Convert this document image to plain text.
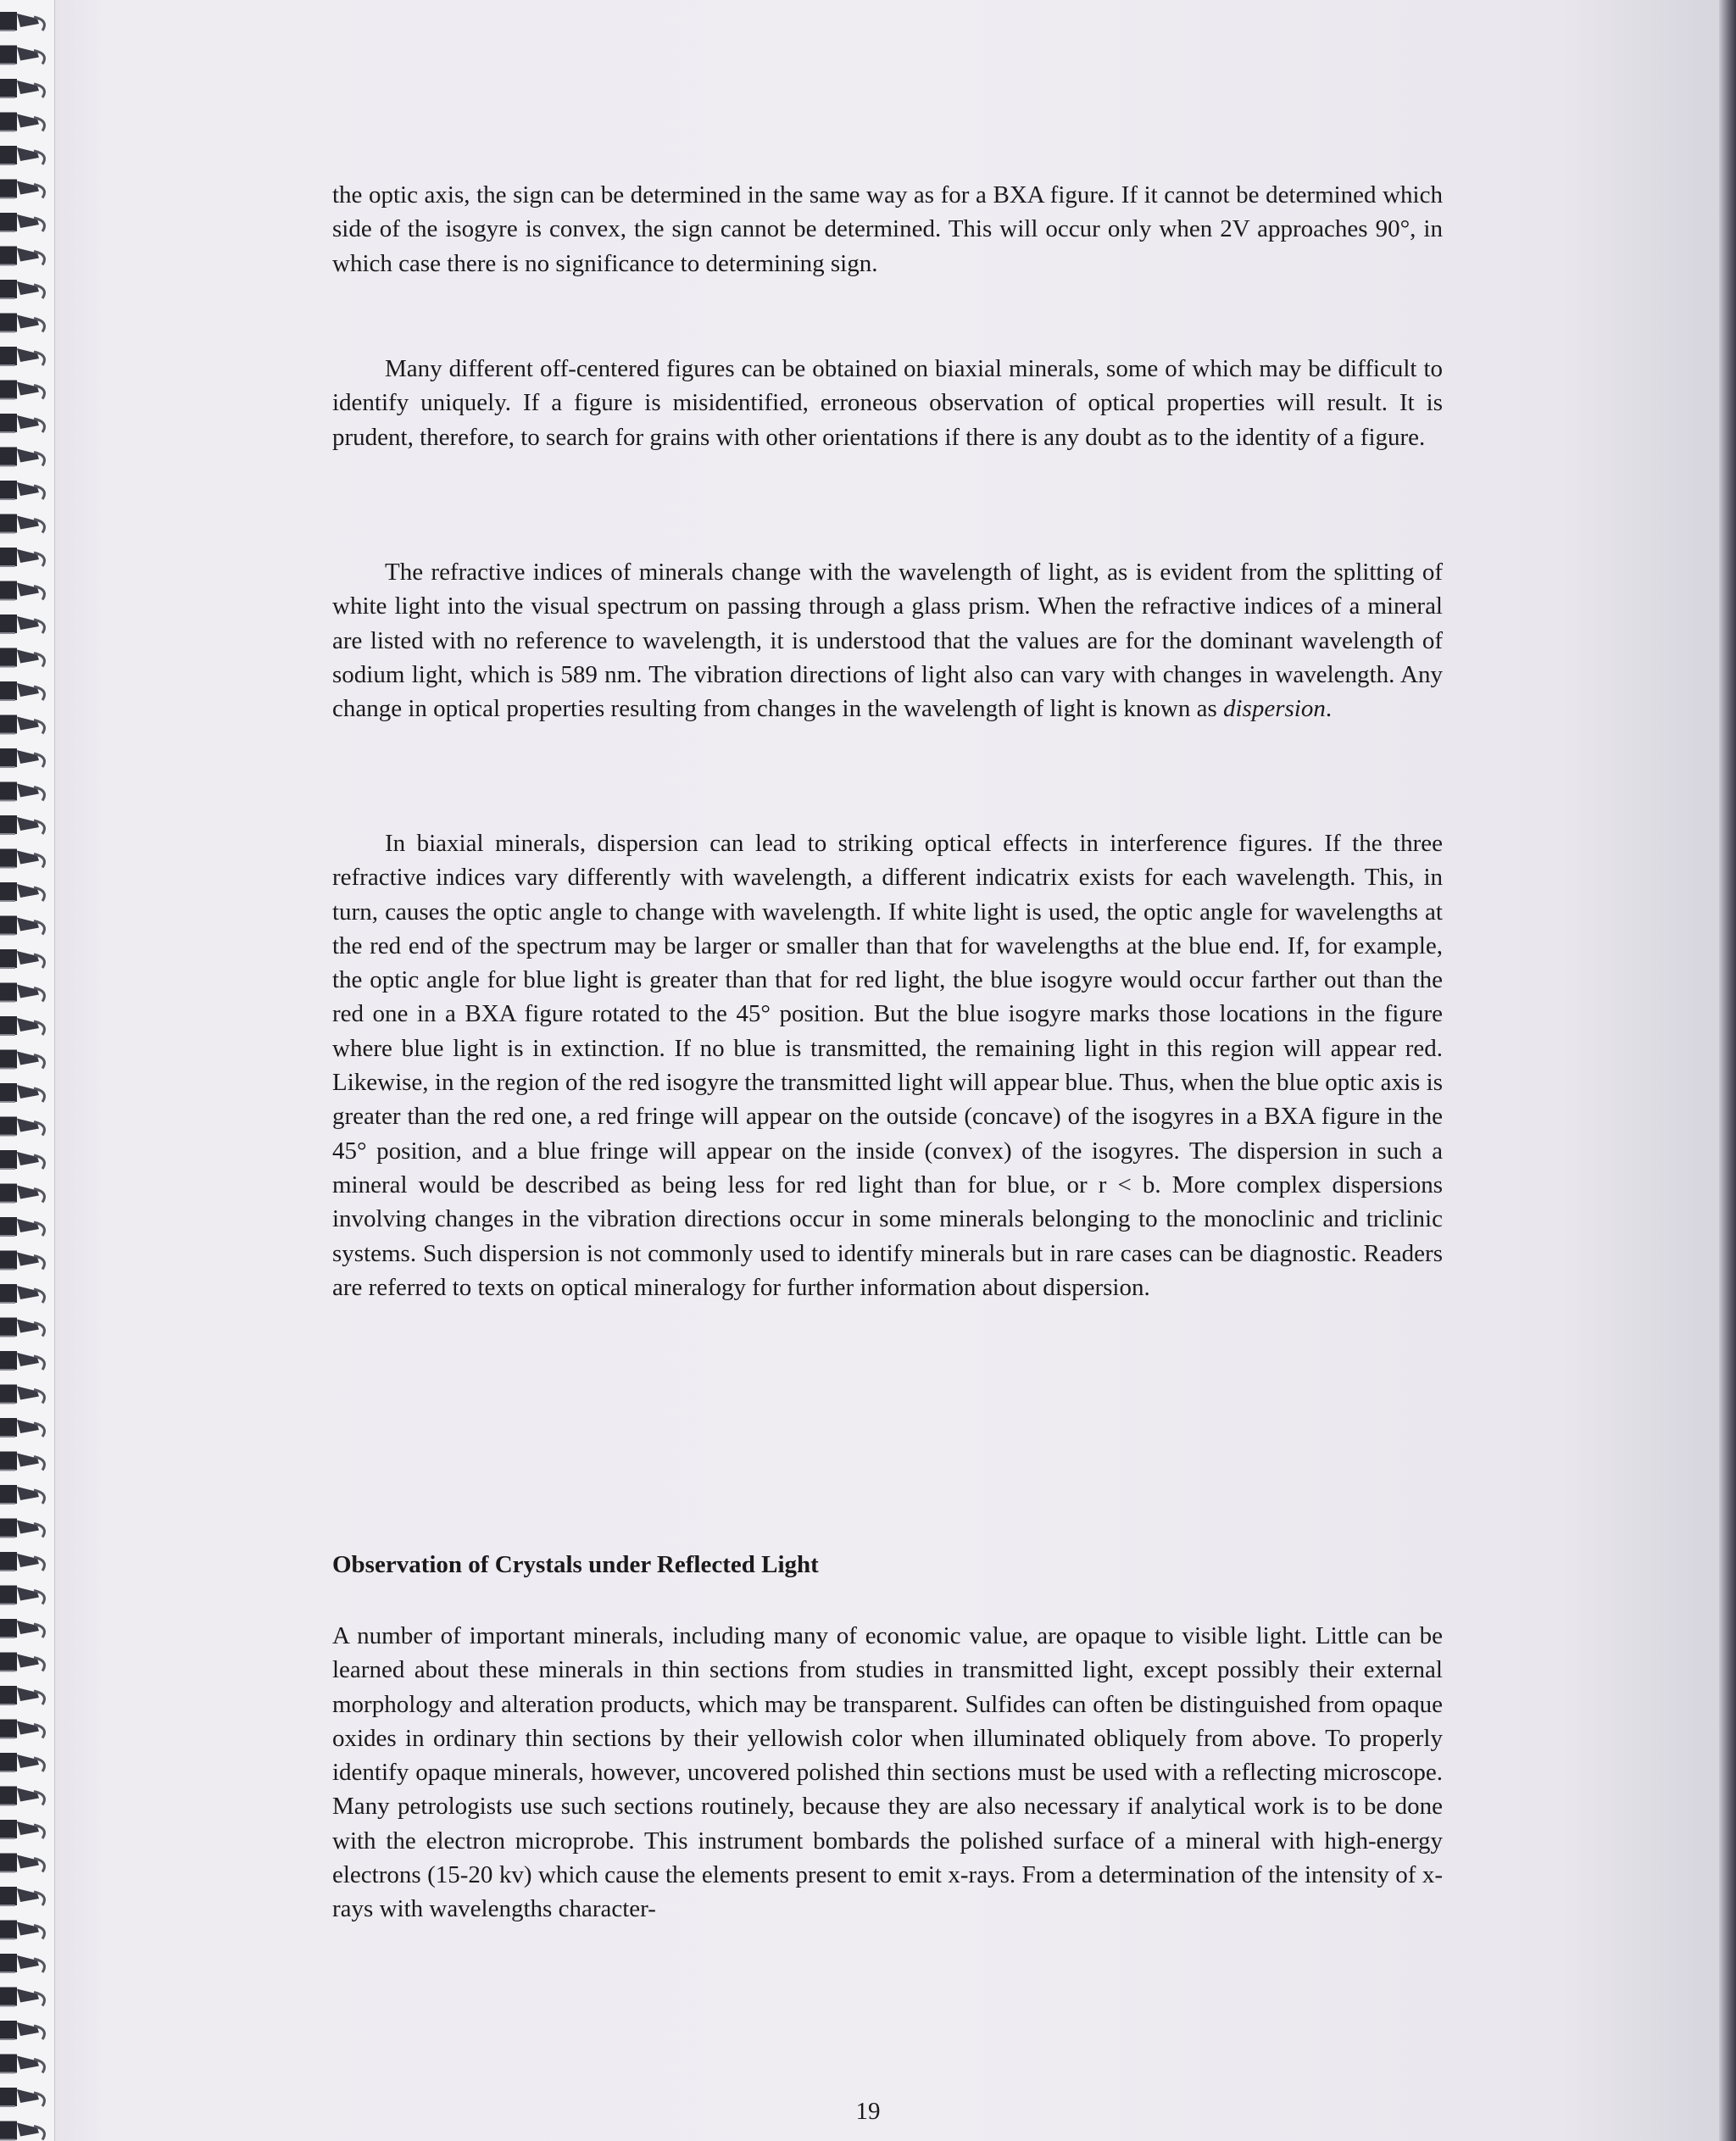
the optic axis, the sign can be determined in the same way as for a BXA figure. If it cannot be determined which side of the isogyre is convex, the sign cannot be determined. This will occur only when 2V approaches 90°, in which case there is no significance to determining sign.

Many different off-centered figures can be obtained on biaxial minerals, some of which may be difficult to identify uniquely. If a figure is misidentified, erroneous observation of optical properties will result. It is prudent, therefore, to search for grains with other orientations if there is any doubt as to the identity of a figure.

The refractive indices of minerals change with the wavelength of light, as is evident from the splitting of white light into the visual spectrum on passing through a glass prism. When the refractive indices of a mineral are listed with no reference to wavelength, it is understood that the values are for the dominant wavelength of sodium light, which is 589 nm. The vibration directions of light also can vary with changes in wavelength. Any change in optical properties resulting from changes in the wavelength of light is known as dispersion.

In biaxial minerals, dispersion can lead to striking optical effects in interference figures. If the three refractive indices vary differently with wavelength, a different indicatrix exists for each wavelength. This, in turn, causes the optic angle to change with wavelength. If white light is used, the optic angle for wavelengths at the red end of the spectrum may be larger or smaller than that for wavelengths at the blue end. If, for example, the optic angle for blue light is greater than that for red light, the blue isogyre would occur farther out than the red one in a BXA figure rotated to the 45° position. But the blue isogyre marks those locations in the figure where blue light is in extinction. If no blue is transmitted, the remaining light in this region will appear red. Likewise, in the region of the red isogyre the transmitted light will appear blue. Thus, when the blue optic axis is greater than the red one, a red fringe will appear on the outside (concave) of the isogyres in a BXA figure in the 45° position, and a blue fringe will appear on the inside (convex) of the isogyres. The dispersion in such a mineral would be described as being less for red light than for blue, or r < b. More complex dispersions involving changes in the vibration directions occur in some minerals belonging to the monoclinic and triclinic systems. Such dispersion is not commonly used to identify minerals but in rare cases can be diagnostic. Readers are referred to texts on optical mineralogy for further information about dispersion.

Observation of Crystals under Reflected Light

A number of important minerals, including many of economic value, are opaque to visible light. Little can be learned about these minerals in thin sections from studies in transmitted light, except possibly their external morphology and alteration products, which may be transparent. Sulfides can often be distinguished from opaque oxides in ordinary thin sections by their yellowish color when illuminated obliquely from above. To properly identify opaque minerals, however, uncovered polished thin sections must be used with a reflecting microscope. Many petrologists use such sections routinely, because they are also necessary if analytical work is to be done with the electron microprobe. This instrument bombards the polished surface of a mineral with high-energy electrons (15-20 kv) which cause the elements present to emit x-rays. From a determination of the intensity of x-rays with wavelengths character-

19
